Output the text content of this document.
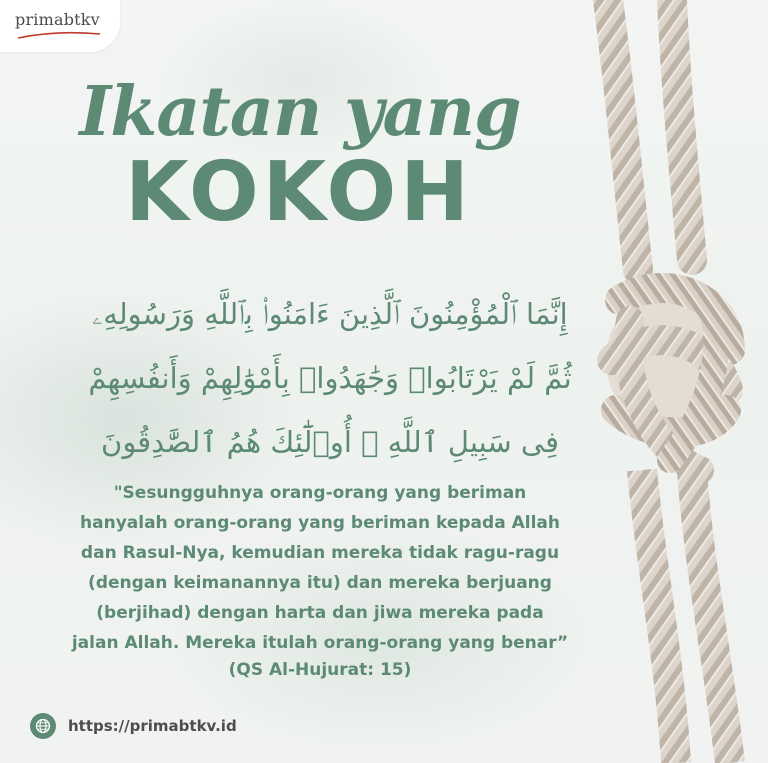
primabtkv
Ikatan yang
KOKOH
إِنَّمَا ٱلْمُؤْمِنُونَ ٱلَّذِينَ ءَامَنُوا۟ بِٱللَّهِ وَرَسُولِهِۦ
ثُمَّ لَمْ يَرْتَابُوا۟ وَجَٰهَدُوا۟ بِأَمْوَٰلِهِمْ وَأَنفُسِهِمْ
فِى سَبِيلِ ٱللَّهِ ۚ أُو۟لَٰٓئِكَ هُمُ ٱلصَّٰدِقُونَ
"Sesungguhnya orang-orang yang beriman
hanyalah orang-orang yang beriman kepada Allah
dan Rasul-Nya, kemudian mereka tidak ragu-ragu
(dengan keimanannya itu) dan mereka berjuang
(berjihad) dengan harta dan jiwa mereka pada
jalan Allah. Mereka itulah orang-orang yang benar”
(QS Al-Hujurat: 15)
https://primabtkv.id
